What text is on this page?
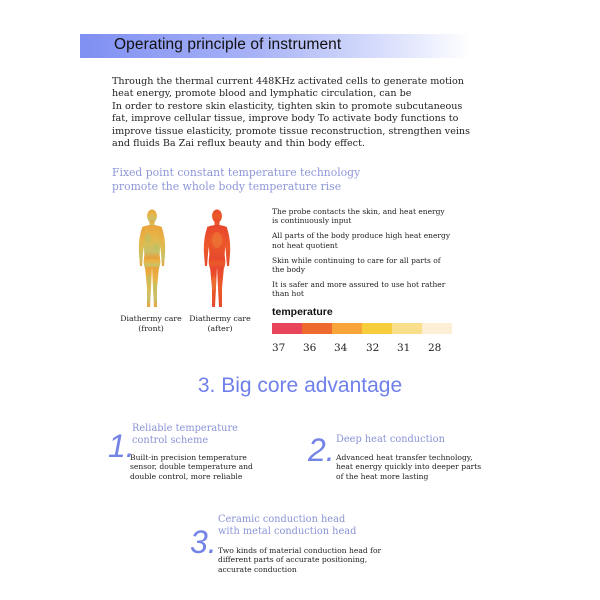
Operating principle of instrument
Through the thermal current 448KHz activated cells to generate motion
heat energy, promote blood and lymphatic circulation, can be
In order to restore skin elasticity, tighten skin to promote subcutaneous
fat, improve cellular tissue, improve body To activate body functions to
improve tissue elasticity, promote tissue reconstruction, strengthen veins
and fluids Ba Zai reflux beauty and thin body effect.
Fixed point constant temperature technology
promote the whole body temperature rise
Diathermy care
(front)
Diathermy care
(after)

The probe contacts the skin, and heat energy
is continuously input

All parts of the body produce high heat energy
not heat quotient

Skin while continuing to care for all parts of
the body

It is safer and more assured to use hot rather
than hot

temperature
37 36 34 32 31 28
3. Big core advantage
1.
Reliable temperature
control scheme
Built-in precision temperature
sensor, double temperature and
double control, more reliable
2. Deep heat conduction
Advanced heat transfer technology,
heat energy quickly into deeper parts
of the heat more lasting
3.
Ceramic conduction head
with metal conduction head
Two kinds of material conduction head for
different parts of accurate positioning,
accurate conduction
